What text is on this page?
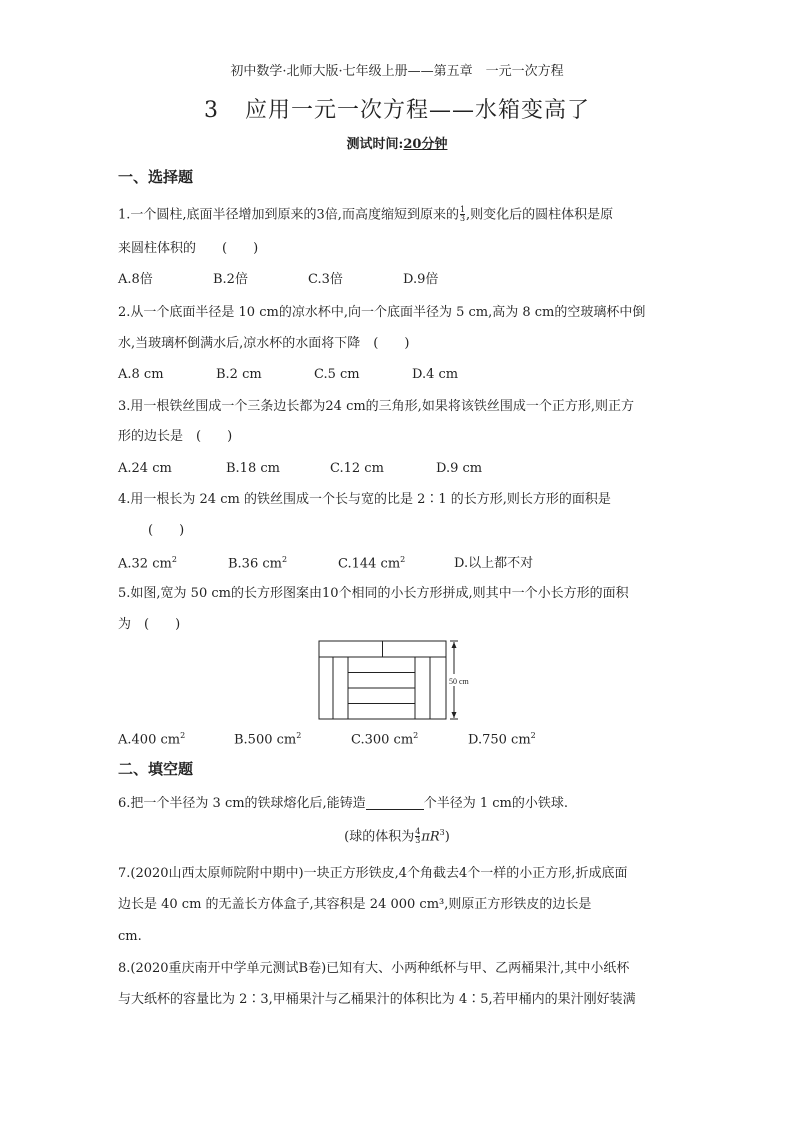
初中数学·北师大版·七年级上册——第五章　一元一次方程
3 应用一元一次方程——水箱变高了
测试时间:20分钟
一、选择题
1.一个圆柱,底面半径增加到原来的3倍,而高度缩短到原来的 $\frac{1}{3}$ ,则变化后的圆柱体积是原
来圆柱体积的　　(　　)
A.8倍	B.2倍	C.3倍	D.9倍
2.从一个底面半径是 10 cm的凉水杯中,向一个底面半径为 5 cm,高为 8 cm的空玻璃杯中倒
水,当玻璃杯倒满水后,凉水杯的水面将下降　(　　)
A.8 cm	B.2 cm	C.5 cm	D.4 cm
3.用一根铁丝围成一个三条边长都为24 cm的三角形,如果将该铁丝围成一个正方形,则正方
形的边长是　(　　)
A.24 cm	B.18 cm	C.12 cm	D.9 cm
4.用一根长为 24 cm 的铁丝围成一个长与宽的比是 2∶1 的长方形,则长方形的面积是
(　　)
A.32 $cm^2$	B.36 $cm^2$	C.144 $cm^2$	D.以上都不对
5.如图,宽为 50 cm的长方形图案由10个相同的小长方形拼成,则其中一个小长方形的面积
为　(　　)
50 cm
A.400 $cm^2$	B.500 $cm^2$	C.300 $cm^2$	D.750 $cm^2$
二、填空题
6.把一个半径为 3 cm的铁球熔化后,能铸造	个半径为 1 cm的小铁球.
(球的体积为 $\frac{4}{3} \pi R^3$)
7.(2020山西太原师院附中期中)一块正方形铁皮,4个角截去4个一样的小正方形,折成底面
边长是 40 cm 的无盖长方体盒子,其容积是 24 000 cm³,则原正方形铁皮的边长是
cm.
8.(2020重庆南开中学单元测试B卷)已知有大、小两种纸杯与甲、乙两桶果汁,其中小纸杯
与大纸杯的容量比为 2∶3,甲桶果汁与乙桶果汁的体积比为 4∶5,若甲桶内的果汁刚好装满
